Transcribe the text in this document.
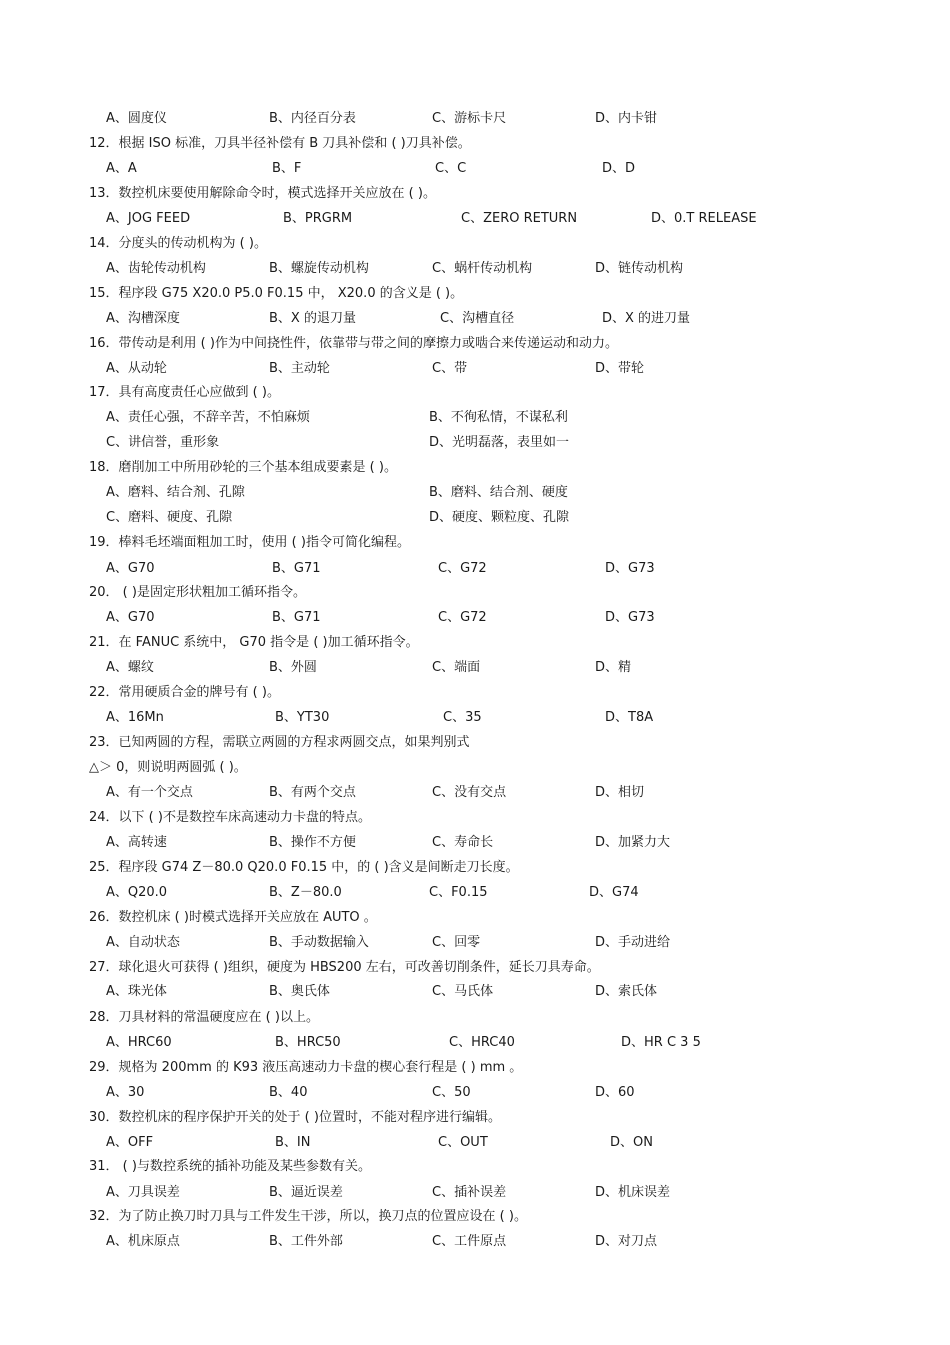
A、圆度仪	B、内径百分表	C、游标卡尺	D、内卡钳
12．根据 ISO 标准，刀具半径补偿有 B 刀具补偿和 ( )刀具补偿。
A、A	B、F	C、C	D、D
13．数控机床要使用解除命令时，模式选择开关应放在 ( )。
A、JOG FEED	B、PRGRM	C、ZERO RETURN	D、0.T RELEASE
14．分度头的传动机构为 ( )。
A、齿轮传动机构	B、螺旋传动机构	C、蜗杆传动机构	D、链传动机构
15．程序段 G75 X20.0 P5.0 F0.15 中， X20.0 的含义是 ( )。
A、沟槽深度	B、X 的退刀量	C、沟槽直径	D、X 的进刀量
16．带传动是利用 ( )作为中间挠性件，依靠带与带之间的摩擦力或啮合来传递运动和动力。
A、从动轮	B、主动轮	C、带	D、带轮
17．具有高度责任心应做到 ( )。
A、责任心强，不辞辛苦，不怕麻烦	B、不徇私情，不谋私利
C、讲信誉，重形象	D、光明磊落，表里如一
18．磨削加工中所用砂轮的三个基本组成要素是 ( )。
A、磨料、结合剂、孔隙	B、磨料、结合剂、硬度
C、磨料、硬度、孔隙	D、硬度、颗粒度、孔隙
19．棒料毛坯端面粗加工时，使用 ( )指令可简化编程。
A、G70	B、G71	C、G72	D、G73
20． ( )是固定形状粗加工循环指令。
A、G70	B、G71	C、G72	D、G73
21．在 FANUC 系统中， G70 指令是 ( )加工循环指令。
A、螺纹	B、外圆	C、端面	D、精
22．常用硬质合金的牌号有 ( )。
A、16Mn	B、YT30	C、35	D、T8A
23．已知两圆的方程，需联立两圆的方程求两圆交点，如果判别式
△＞ 0，则说明两圆弧 ( )。
A、有一个交点	B、有两个交点	C、没有交点	D、相切
24．以下 ( )不是数控车床高速动力卡盘的特点。
A、高转速	B、操作不方便	C、寿命长	D、加紧力大
25．程序段 G74 Z－80.0 Q20.0 F0.15 中，的 ( )含义是间断走刀长度。
A、Q20.0	B、Z－80.0	C、F0.15	D、G74
26．数控机床 ( )时模式选择开关应放在 AUTO 。
A、自动状态	B、手动数据输入	C、回零	D、手动进给
27．球化退火可获得 ( )组织，硬度为 HBS200 左右，可改善切削条件，延长刀具寿命。
A、珠光体	B、奥氏体	C、马氏体	D、索氏体
28．刀具材料的常温硬度应在 ( )以上。
A、HRC60	B、HRC50	C、HRC40	D、HR C 3 5
29．规格为 200mm 的 K93 液压高速动力卡盘的楔心套行程是 ( ) mm 。
A、30	B、40	C、50	D、60
30．数控机床的程序保护开关的处于 ( )位置时，不能对程序进行编辑。
A、OFF	B、IN	C、OUT	D、ON
31． ( )与数控系统的插补功能及某些参数有关。
A、刀具误差	B、逼近误差	C、插补误差	D、机床误差
32．为了防止换刀时刀具与工件发生干涉，所以，换刀点的位置应设在 ( )。
A、机床原点	B、工件外部	C、工件原点	D、对刀点
